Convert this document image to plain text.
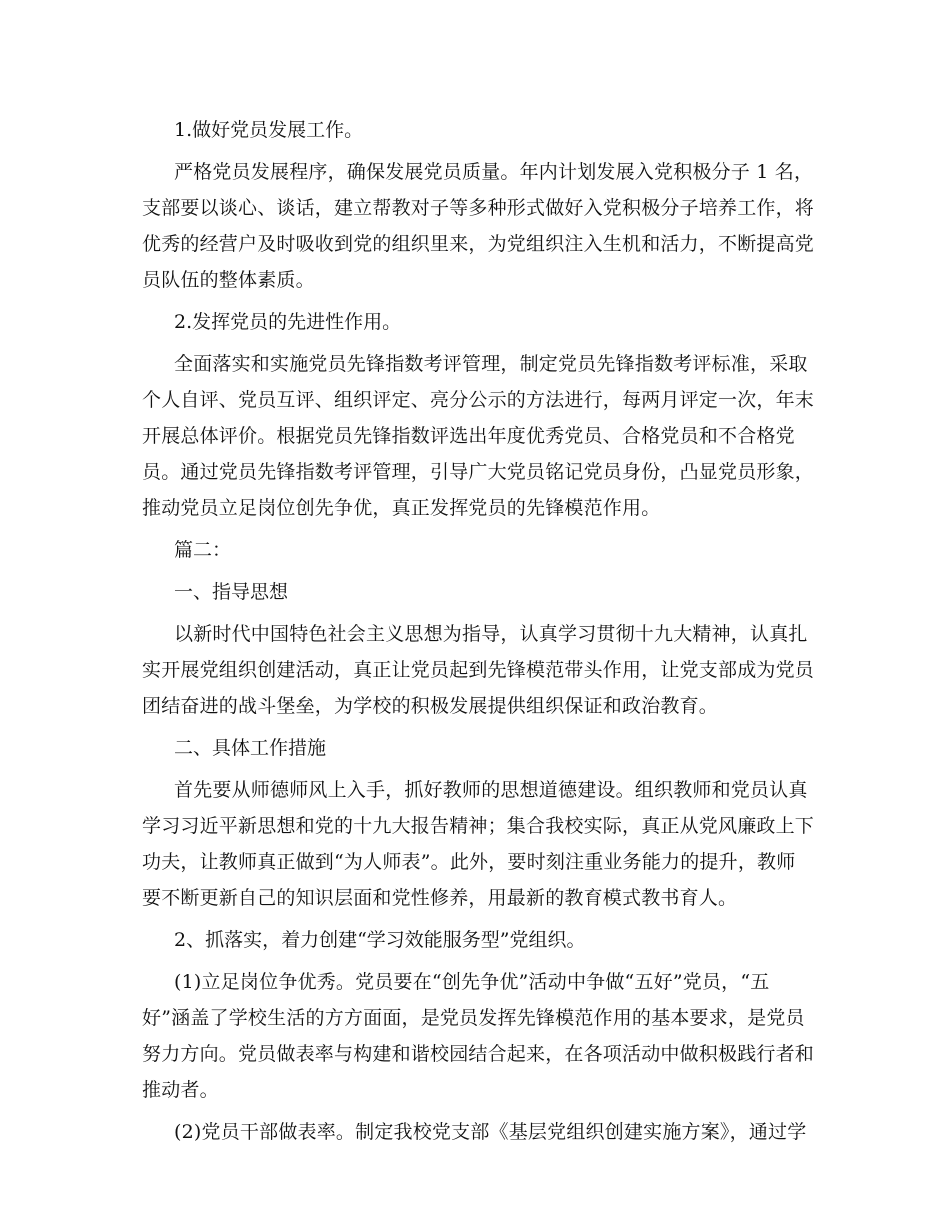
1.做好党员发展工作。

严格党员发展程序，确保发展党员质量。年内计划发展入党积极分子 1 名，支部要以谈心、谈话，建立帮教对子等多种形式做好入党积极分子培养工作，将优秀的经营户及时吸收到党的组织里来，为党组织注入生机和活力，不断提高党员队伍的整体素质。

2.发挥党员的先进性作用。

全面落实和实施党员先锋指数考评管理，制定党员先锋指数考评标准，采取个人自评、党员互评、组织评定、亮分公示的方法进行，每两月评定一次，年末开展总体评价。根据党员先锋指数评选出年度优秀党员、合格党员和不合格党员。通过党员先锋指数考评管理，引导广大党员铭记党员身份，凸显党员形象，推动党员立足岗位创先争优，真正发挥党员的先锋模范作用。

篇二：

一、指导思想

以新时代中国特色社会主义思想为指导，认真学习贯彻十九大精神，认真扎实开展党组织创建活动，真正让党员起到先锋模范带头作用，让党支部成为党员团结奋进的战斗堡垒，为学校的积极发展提供组织保证和政治教育。

二、具体工作措施

首先要从师德师风上入手，抓好教师的思想道德建设。组织教师和党员认真学习习近平新思想和党的十九大报告精神；集合我校实际，真正从党风廉政上下功夫，让教师真正做到“为人师表”。此外，要时刻注重业务能力的提升，教师要不断更新自己的知识层面和党性修养，用最新的教育模式教书育人。

2、抓落实，着力创建“学习效能服务型”党组织。

(1)立足岗位争优秀。党员要在“创先争优”活动中争做“五好”党员，“五好”涵盖了学校生活的方方面面，是党员发挥先锋模范作用的基本要求，是党员努力方向。党员做表率与构建和谐校园结合起来，在各项活动中做积极践行者和推动者。

(2)党员干部做表率。制定我校党支部《基层党组织创建实施方案》，通过学
